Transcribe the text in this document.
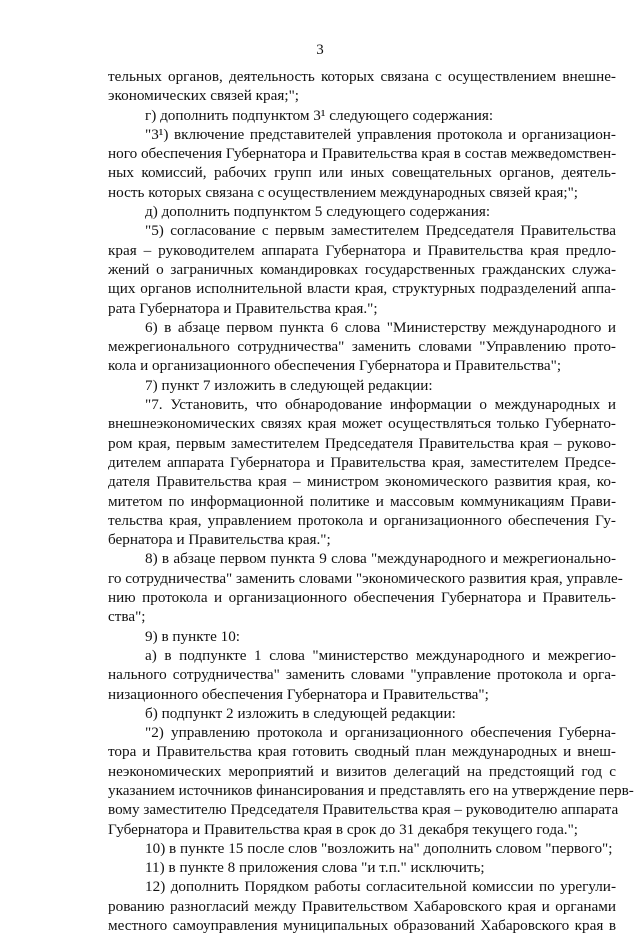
3
тельных органов, деятельность которых связана с осуществлением внешне-
экономических связей края;";
г) дополнить подпунктом 3¹ следующего содержания:
"3¹) включение представителей управления протокола и организацион-
ного обеспечения Губернатора и Правительства края в состав межведомствен-
ных комиссий, рабочих групп или иных совещательных органов, деятель-
ность которых связана с осуществлением международных связей края;";
д) дополнить подпунктом 5 следующего содержания:
"5) согласование с первым заместителем Председателя Правительства
края – руководителем аппарата Губернатора и Правительства края предло-
жений о заграничных командировках государственных гражданских служа-
щих органов исполнительной власти края, структурных подразделений аппа-
рата Губернатора и Правительства края.";
6) в абзаце первом пункта 6 слова "Министерству международного и
межрегионального сотрудничества" заменить словами "Управлению прото-
кола и организационного обеспечения Губернатора и Правительства";
7) пункт 7 изложить в следующей редакции:
"7. Установить, что обнародование информации о международных и
внешнеэкономических связях края может осуществляться только Губернато-
ром края, первым заместителем Председателя Правительства края – руково-
дителем аппарата Губернатора и Правительства края, заместителем Предсе-
дателя Правительства края – министром экономического развития края, ко-
митетом по информационной политике и массовым коммуникациям Прави-
тельства края, управлением протокола и организационного обеспечения Гу-
бернатора и Правительства края.";
8) в абзаце первом пункта 9 слова "международного и межрегионально-
го сотрудничества" заменить словами "экономического развития края, управле-
нию протокола и организационного обеспечения Губернатора и Правитель-
ства";
9) в пункте 10:
а) в подпункте 1 слова "министерство международного и межрегио-
нального сотрудничества" заменить словами "управление протокола и орга-
низационного обеспечения Губернатора и Правительства";
б) подпункт 2 изложить в следующей редакции:
"2) управлению протокола и организационного обеспечения Губерна-
тора и Правительства края готовить сводный план международных и внеш-
неэкономических мероприятий и визитов делегаций на предстоящий год с
указанием источников финансирования и представлять его на утверждение перв-
вому заместителю Председателя Правительства края – руководителю аппарата
Губернатора и Правительства края в срок до 31 декабря текущего года.";
10) в пункте 15 после слов "возложить на" дополнить словом "первого";
11) в пункте 8 приложения слова "и т.п." исключить;
12) дополнить Порядком работы согласительной комиссии по урегули-
рованию разногласий между Правительством Хабаровского края и органами
местного самоуправления муниципальных образований Хабаровского края в
